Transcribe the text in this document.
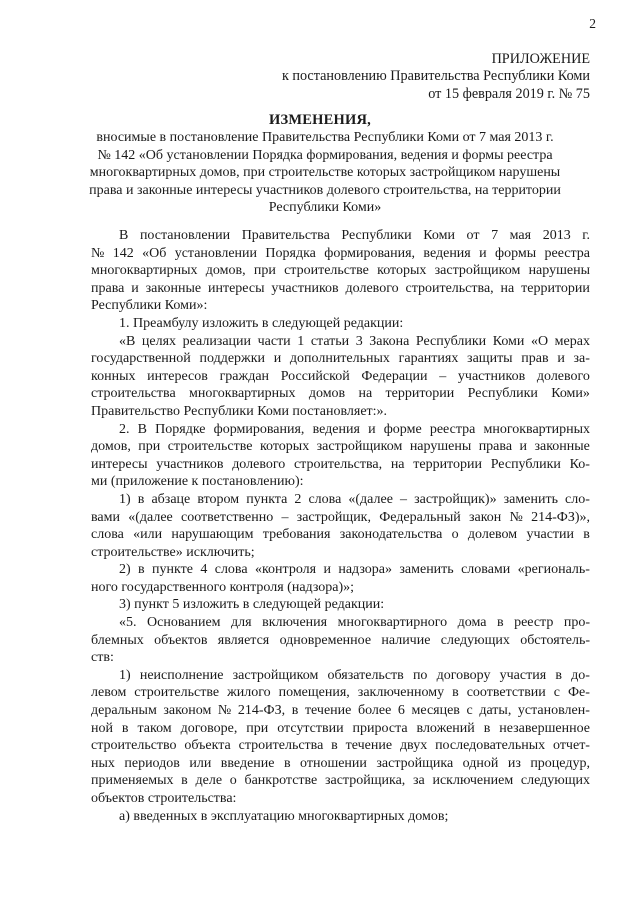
2
ПРИЛОЖЕНИЕ
к постановлению Правительства Республики Коми
от 15 февраля 2019 г. № 75
ИЗМЕНЕНИЯ,
вносимые в постановление Правительства Республики Коми от 7 мая 2013 г.
№ 142 «Об установлении Порядка формирования, ведения и формы реестра
многоквартирных домов, при строительстве которых застройщиком нарушены
права и законные интересы участников долевого строительства, на территории
Республики Коми»
В постановлении Правительства Республики Коми от 7 мая 2013 г.
№ 142 «Об установлении Порядка формирования, ведения и формы реестра
многоквартирных домов, при строительстве которых застройщиком нарушены
права и законные интересы участников долевого строительства, на территории
Республики Коми»:
1. Преамбулу изложить в следующей редакции:
«В целях реализации части 1 статьи 3 Закона Республики Коми «О мерах
государственной поддержки и дополнительных гарантиях защиты прав и за-
конных интересов граждан Российской Федерации – участников долевого
строительства многоквартирных домов на территории Республики Коми»
Правительство Республики Коми постановляет:».
2. В Порядке формирования, ведения и форме реестра многоквартирных
домов, при строительстве которых застройщиком нарушены права и законные
интересы участников долевого строительства, на территории Республики Ко-
ми (приложение к постановлению):
1) в абзаце втором пункта 2 слова «(далее – застройщик)» заменить сло-
вами «(далее соответственно – застройщик, Федеральный закон № 214-ФЗ)»,
слова «или нарушающим требования законодательства о долевом участии в
строительстве» исключить;
2) в пункте 4 слова «контроля и надзора» заменить словами «региональ-
ного государственного контроля (надзора)»;
3) пункт 5 изложить в следующей редакции:
«5. Основанием для включения многоквартирного дома в реестр про-
блемных объектов является одновременное наличие следующих обстоятель-
ств:
1) неисполнение застройщиком обязательств по договору участия в до-
левом строительстве жилого помещения, заключенному в соответствии с Фе-
деральным законом № 214-ФЗ, в течение более 6 месяцев с даты, установлен-
ной в таком договоре, при отсутствии прироста вложений в незавершенное
строительство объекта строительства в течение двух последовательных отчет-
ных периодов или введение в отношении застройщика одной из процедур,
применяемых в деле о банкротстве застройщика, за исключением следующих
объектов строительства:
а) введенных в эксплуатацию многоквартирных домов;
